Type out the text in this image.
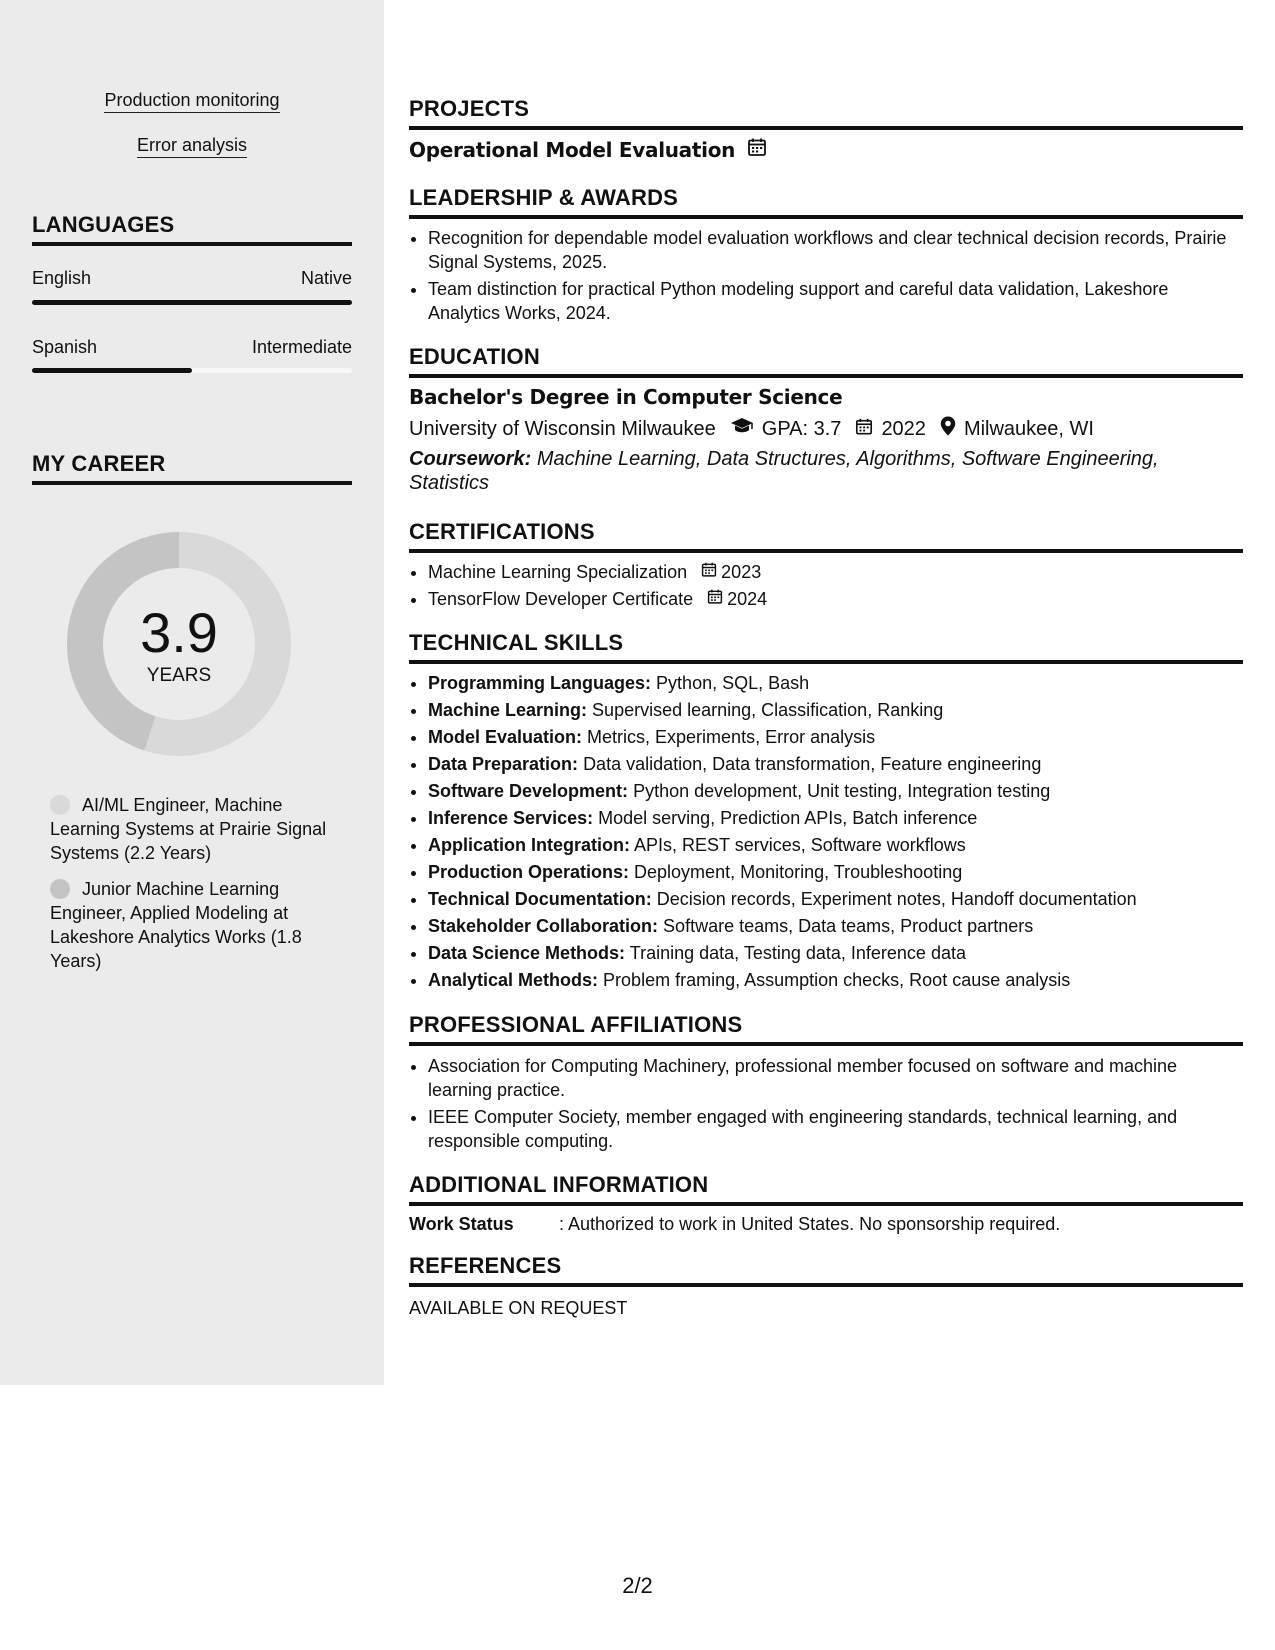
Production monitoring
Error analysis
LANGUAGES
English	Native
Spanish	Intermediate
MY CAREER
3.9
YEARS
AI/ML Engineer, Machine Learning Systems at Prairie Signal Systems (2.2 Years)
Junior Machine Learning Engineer, Applied Modeling at Lakeshore Analytics Works (1.8 Years)
PROJECTS
Operational Model Evaluation
LEADERSHIP & AWARDS
• Recognition for dependable model evaluation workflows and clear technical decision records, Prairie Signal Systems, 2025.
• Team distinction for practical Python modeling support and careful data validation, Lakeshore Analytics Works, 2024.
EDUCATION
Bachelor's Degree in Computer Science
University of Wisconsin Milwaukee GPA: 3.7 2022 Milwaukee, WI
Coursework: Machine Learning, Data Structures, Algorithms, Software Engineering, Statistics
CERTIFICATIONS
• Machine Learning Specialization 2023
• TensorFlow Developer Certificate 2024
TECHNICAL SKILLS
• Programming Languages: Python, SQL, Bash
• Machine Learning: Supervised learning, Classification, Ranking
• Model Evaluation: Metrics, Experiments, Error analysis
• Data Preparation: Data validation, Data transformation, Feature engineering
• Software Development: Python development, Unit testing, Integration testing
• Inference Services: Model serving, Prediction APIs, Batch inference
• Application Integration: APIs, REST services, Software workflows
• Production Operations: Deployment, Monitoring, Troubleshooting
• Technical Documentation: Decision records, Experiment notes, Handoff documentation
• Stakeholder Collaboration: Software teams, Data teams, Product partners
• Data Science Methods: Training data, Testing data, Inference data
• Analytical Methods: Problem framing, Assumption checks, Root cause analysis
PROFESSIONAL AFFILIATIONS
• Association for Computing Machinery, professional member focused on software and machine learning practice.
• IEEE Computer Society, member engaged with engineering standards, technical learning, and responsible computing.
ADDITIONAL INFORMATION
Work Status	: Authorized to work in United States. No sponsorship required.
REFERENCES
AVAILABLE ON REQUEST
2/2
